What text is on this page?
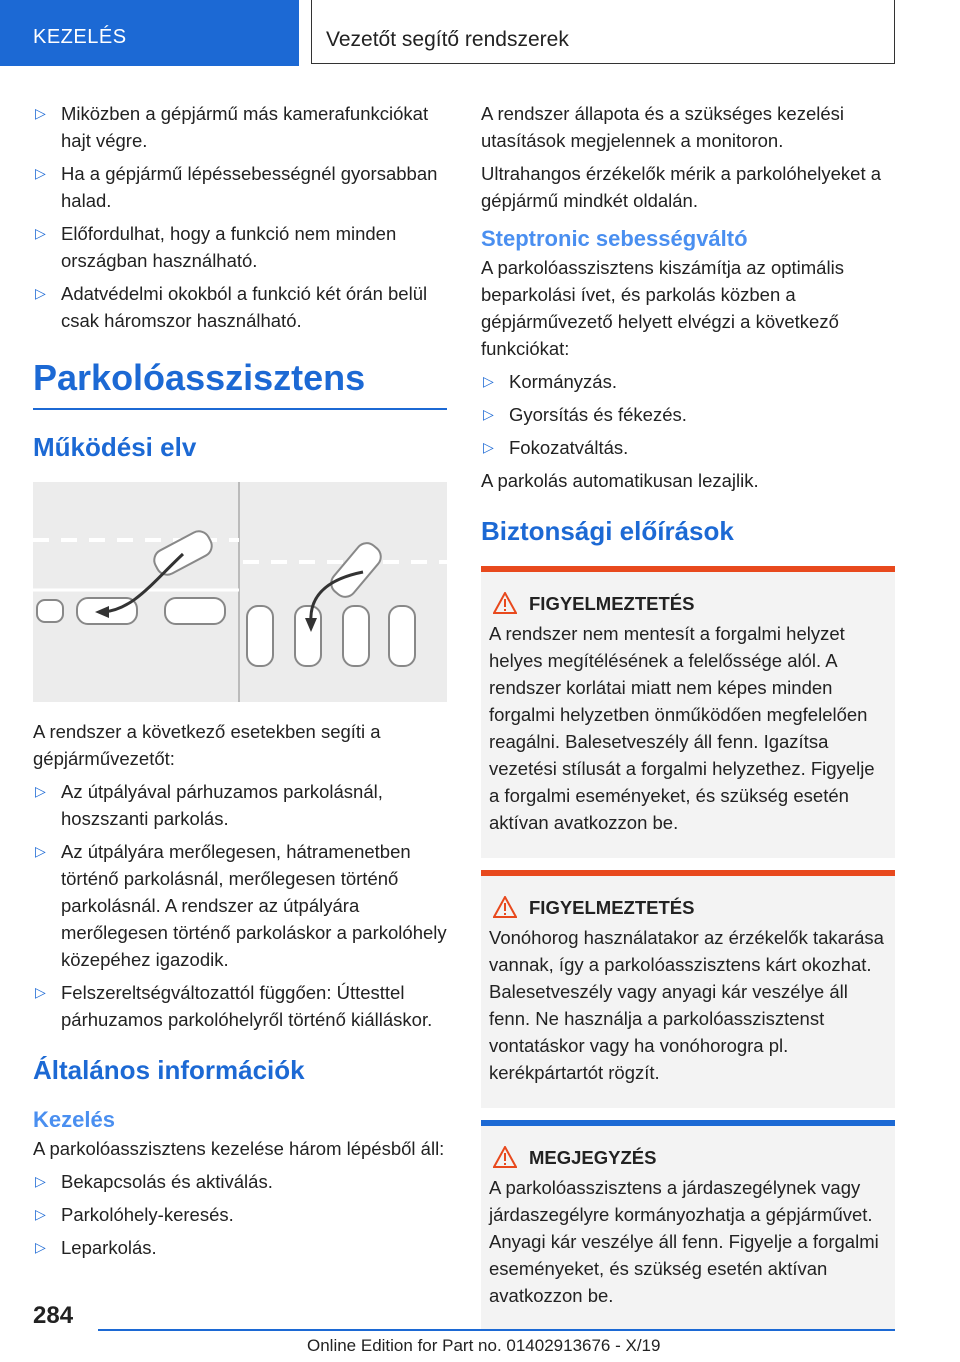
KEZELÉS	Vezetőt segítő rendszerek
▷ Miközben a gépjármű más kamerafunkciókat hajt végre.
▷ Ha a gépjármű lépéssebességnél gyorsabban halad.
▷ Előfordulhat, hogy a funkció nem minden országban használható.
▷ Adatvédelmi okokból a funkció két órán belül csak háromszor használható.
Parkolóasszisztens
Működési elv

A rendszer a következő esetekben segíti a gépjárművezetőt:

▷ Az útpályával párhuzamos parkolásnál, hoszszanti parkolás.
▷ Az útpályára merőlegesen, hátramenetben történő parkolásnál, merőlegesen történő parkolásnál. A rendszer az útpályára merőlegesen történő parkoláskor a parkolóhely közepéhez igazodik.
▷ Felszereltségváltozattól függően: Úttesttel párhuzamos parkolóhelyről történő kiálláskor.
Általános információk
Kezelés

A parkolóasszisztens kezelése három lépésből áll:

▷ Bekapcsolás és aktiválás.
▷ Parkolóhely-keresés.
▷ Leparkolás.

A rendszer állapota és a szükséges kezelési utasítások megjelennek a monitoron.

Ultrahangos érzékelők mérik a parkolóhelyeket a gépjármű mindkét oldalán.

Steptronic sebességváltó

A parkolóasszisztens kiszámítja az optimális beparkolási ívet, és parkolás közben a gépjárművezető helyett elvégzi a következő funkciókat:

▷ Kormányzás.
▷ Gyorsítás és fékezés.
▷ Fokozatváltás.

A parkolás automatikusan lezajlik.

Biztonsági előírások
FIGYELMEZTETÉS
A rendszer nem mentesít a forgalmi helyzet helyes megítélésének a felelőssége alól. A rendszer korlátai miatt nem képes minden forgalmi helyzetben önműködően megfelelően reagálni. Balesetveszély áll fenn. Igazítsa vezetési stílusát a forgalmi helyzethez. Figyelje a forgalmi eseményeket, és szükség esetén aktívan avatkozzon be.
FIGYELMEZTETÉS
Vonóhorog használatakor az érzékelők takarása vannak, így a parkolóasszisztens kárt okozhat. Balesetveszély vagy anyagi kár veszélye áll fenn. Ne használja a parkolóasszisztenst vontatáskor vagy ha vonóhorogra pl. kerékpártartót rögzít.
MEGJEGYZÉS
A parkolóasszisztens a járdaszegélynek vagy járdaszegélyre kormányozhatja a gépjárművet. Anyagi kár veszélye áll fenn. Figyelje a forgalmi eseményeket, és szükség esetén aktívan avatkozzon be.
284
Online Edition for Part no. 01402913676 - X/19
